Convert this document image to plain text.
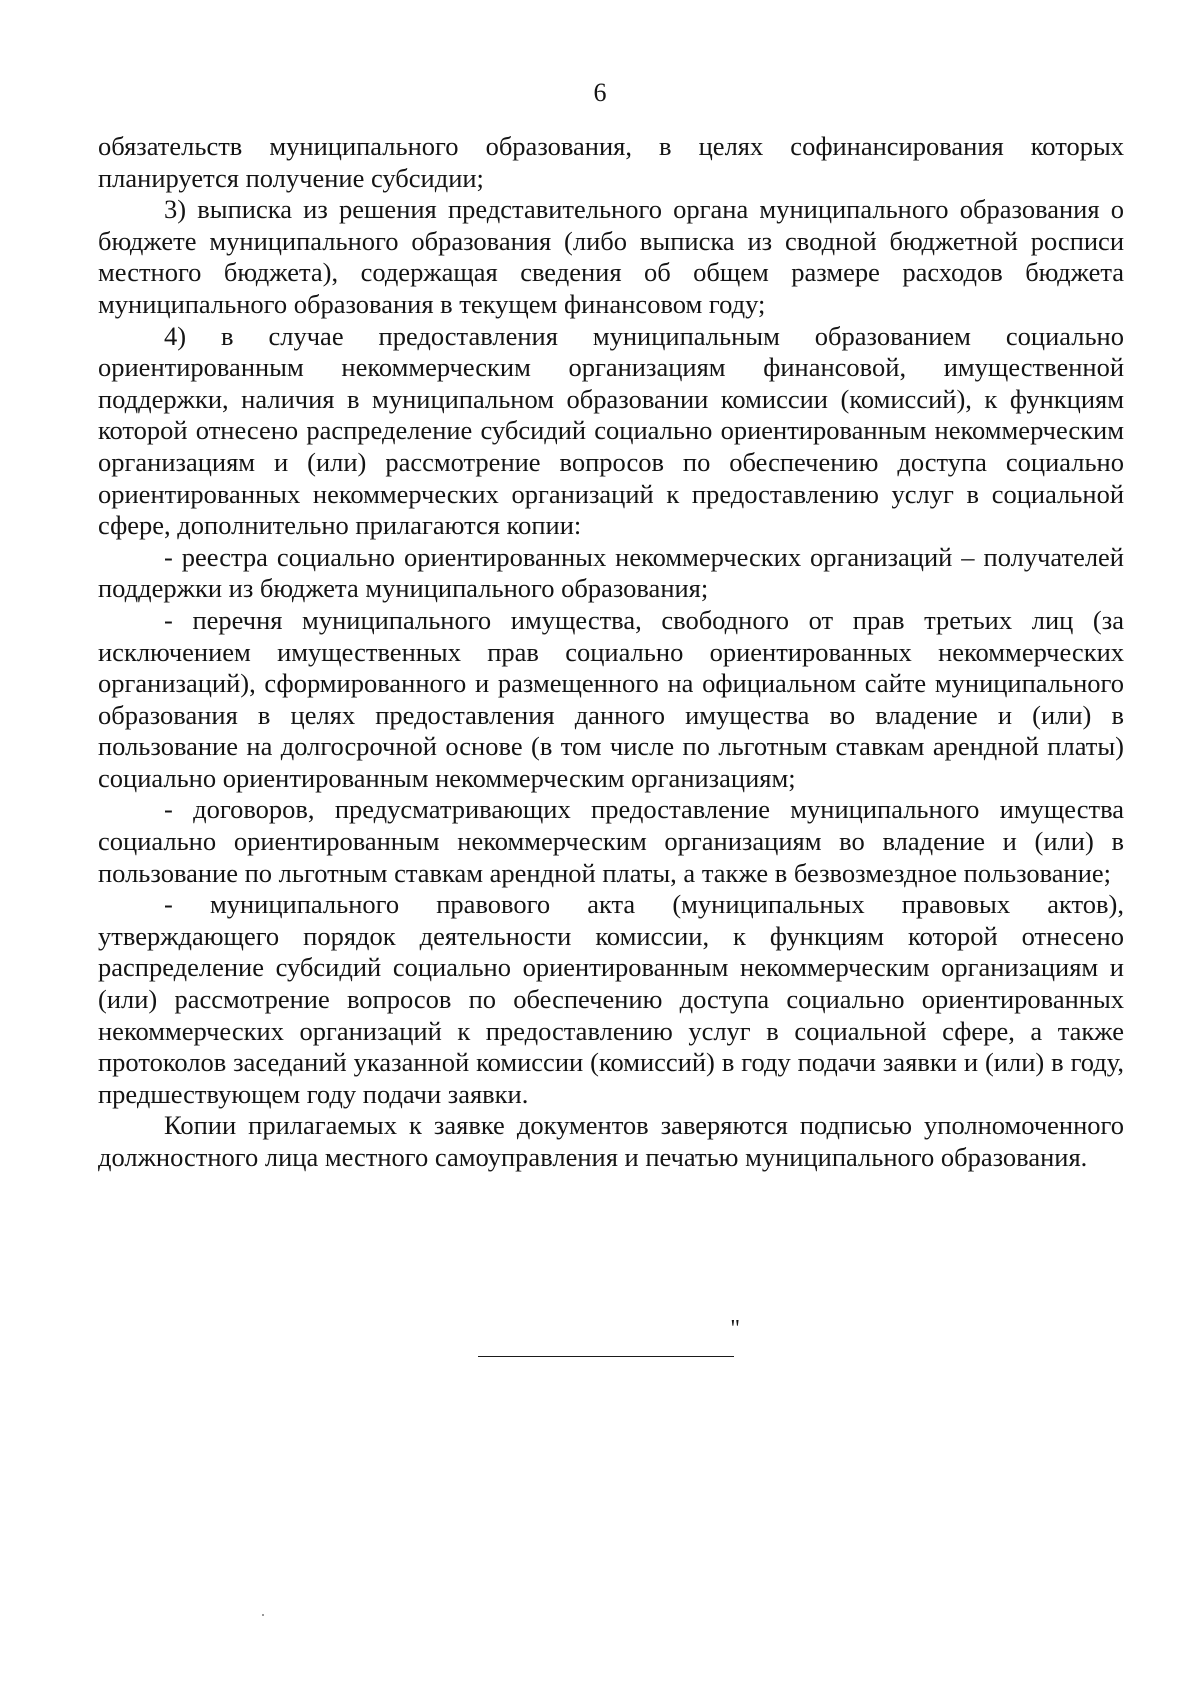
6

обязательств муниципального образования, в целях софинансирования которых планируется получение субсидии;

3) выписка из решения представительного органа муниципального образования о бюджете муниципального образования (либо выписка из сводной бюджетной росписи местного бюджета), содержащая сведения об общем размере расходов бюджета муниципального образования в текущем финансовом году;

4) в случае предоставления муниципальным образованием социально ориентированным некоммерческим организациям финансовой, имущественной поддержки, наличия в муниципальном образовании комиссии (комиссий), к функциям которой отнесено распределение субсидий социально ориентированным некоммерческим организациям и (или) рассмотрение вопросов по обеспечению доступа социально ориентированных некоммерческих организаций к предоставлению услуг в социальной сфере, дополнительно прилагаются копии:

- реестра социально ориентированных некоммерческих организаций – получателей поддержки из бюджета муниципального образования;

- перечня муниципального имущества, свободного от прав третьих лиц (за исключением имущественных прав социально ориентированных некоммерческих организаций), сформированного и размещенного на официальном сайте муниципального образования в целях предоставления данного имущества во владение и (или) в пользование на долгосрочной основе (в том числе по льготным ставкам арендной платы) социально ориентированным некоммерческим организациям;

- договоров, предусматривающих предоставление муниципального имущества социально ориентированным некоммерческим организациям во владение и (или) в пользование по льготным ставкам арендной платы, а также в безвозмездное пользование;

- муниципального правового акта (муниципальных правовых актов), утверждающего порядок деятельности комиссии, к функциям которой отнесено распределение субсидий социально ориентированным некоммерческим организациям и (или) рассмотрение вопросов по обеспечению доступа социально ориентированных некоммерческих организаций к предоставлению услуг в социальной сфере, а также протоколов заседаний указанной комиссии (комиссий) в году подачи заявки и (или) в году, предшествующем году подачи заявки.

Копии прилагаемых к заявке документов заверяются подписью уполномоченного должностного лица местного самоуправления и печатью муниципального образования.

"
